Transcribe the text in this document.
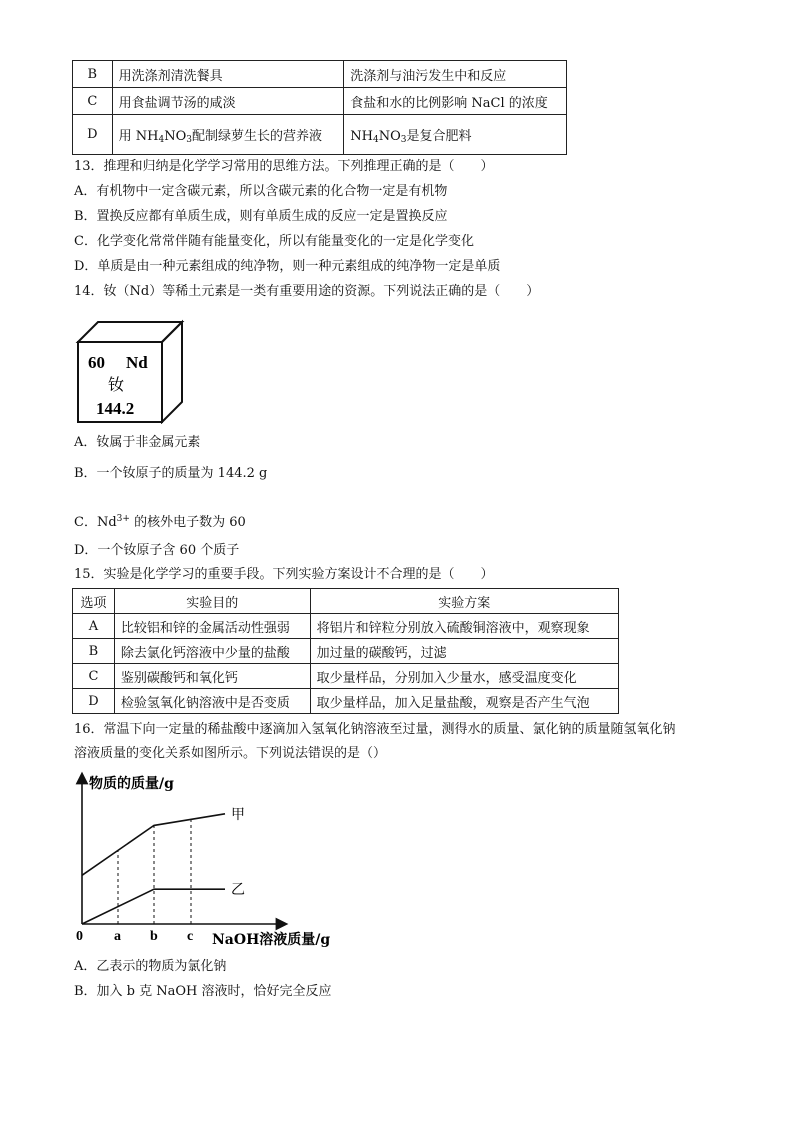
B	用洗涤剂清洗餐具	洗涤剂与油污发生中和反应
C	用食盐调节汤的咸淡	食盐和水的比例影响 NaCl 的浓度
D	用 $NH_4NO_3$配制绿萝生长的营养液	$NH_4NO_3$是复合肥料
13．推理和归纳是化学学习常用的思维方法。下列推理正确的是（　　）
A．有机物中一定含碳元素，所以含碳元素的化合物一定是有机物
B．置换反应都有单质生成，则有单质生成的反应一定是置换反应
C．化学变化常常伴随有能量变化，所以有能量变化的一定是化学变化
D．单质是由一种元素组成的纯净物，则一种元素组成的纯净物一定是单质
14．钕（Nd）等稀土元素是一类有重要用途的资源。下列说法正确的是（　　）
60 Nd
钕
144.2
A．钕属于非金属元素
B．一个钕原子的质量为 144.2 g
C．$Nd^{3+}$ 的核外电子数为 60
D．一个钕原子含 60 个质子
15．实验是化学学习的重要手段。下列实验方案设计不合理的是（　　）
选项	实验目的	实验方案
A	比较铝和锌的金属活动性强弱	将铝片和锌粒分别放入硫酸铜溶液中，观察现象
B	除去氯化钙溶液中少量的盐酸	加过量的碳酸钙，过滤
C	鉴别碳酸钙和氧化钙	取少量样品，分别加入少量水，感受温度变化
D	检验氢氧化钠溶液中是否变质	取少量样品，加入足量盐酸，观察是否产生气泡
16．常温下向一定量的稀盐酸中逐滴加入氢氧化钠溶液至过量，测得水的质量、氯化钠的质量随氢氧化钠
溶液质量的变化关系如图所示。下列说法错误的是（）
物质的质量/g
NaOH溶液质量/g
0 a b c
甲
乙
A．乙表示的物质为氯化钠
B．加入 b 克 NaOH 溶液时，恰好完全反应
